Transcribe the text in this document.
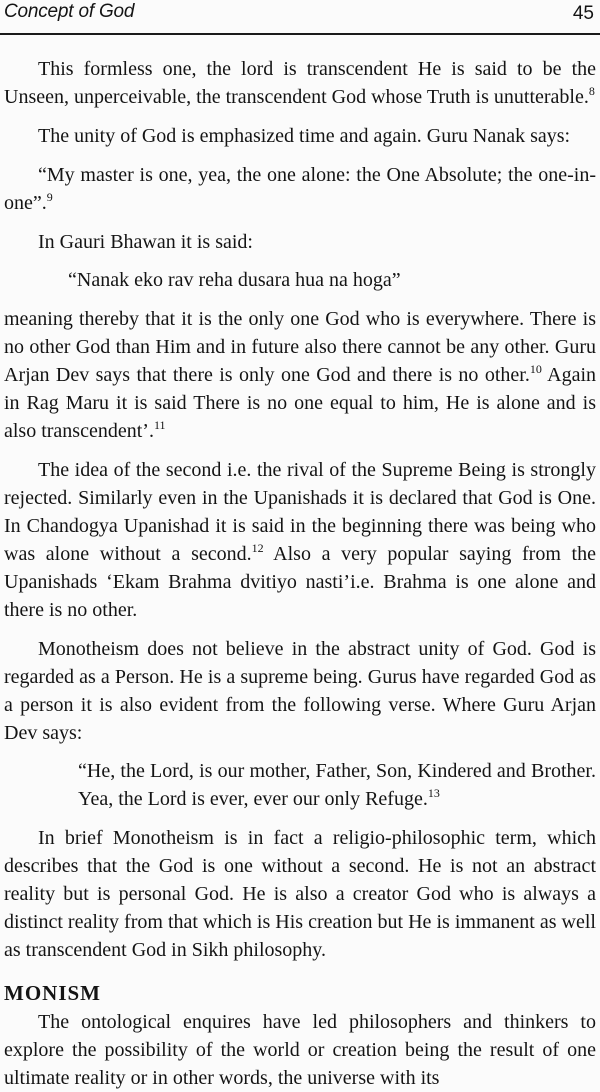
Concept of God	45

This formless one, the lord is transcendent He is said to be the Unseen, unperceivable, the transcendent God whose Truth is unutterable.$^8$

The unity of God is emphasized time and again. Guru Nanak says:

“My master is one, yea, the one alone: the One Absolute; the one-in-one”.$^9$

In Gauri Bhawan it is said:

“Nanak eko rav reha dusara hua na hoga”

meaning thereby that it is the only one God who is everywhere. There is no other God than Him and in future also there cannot be any other. Guru Arjan Dev says that there is only one God and there is no other.$^{10}$ Again in Rag Maru it is said There is no one equal to him, He is alone and is also transcendent’.$^{11}$

The idea of the second i.e. the rival of the Supreme Being is strongly rejected. Similarly even in the Upanishads it is declared that God is One. In Chandogya Upanishad it is said in the beginning there was being who was alone without a second.$^{12}$ Also a very popular saying from the Upanishads ‘Ekam Brahma dvitiyo nasti’i.e. Brahma is one alone and there is no other.

Monotheism does not believe in the abstract unity of God. God is regarded as a Person. He is a supreme being. Gurus have regarded God as a person it is also evident from the following verse. Where Guru Arjan Dev says:

“He, the Lord, is our mother, Father, Son, Kindered and Brother. Yea, the Lord is ever, ever our only Refuge.$^{13}$

In brief Monotheism is in fact a religio-philosophic term, which describes that the God is one without a second. He is not an abstract reality but is personal God. He is also a creator God who is always a distinct reality from that which is His creation but He is immanent as well as transcendent God in Sikh philosophy.

MONISM

The ontological enquires have led philosophers and thinkers to explore the possibility of the world or creation being the result of one ultimate reality or in other words, the universe with its
